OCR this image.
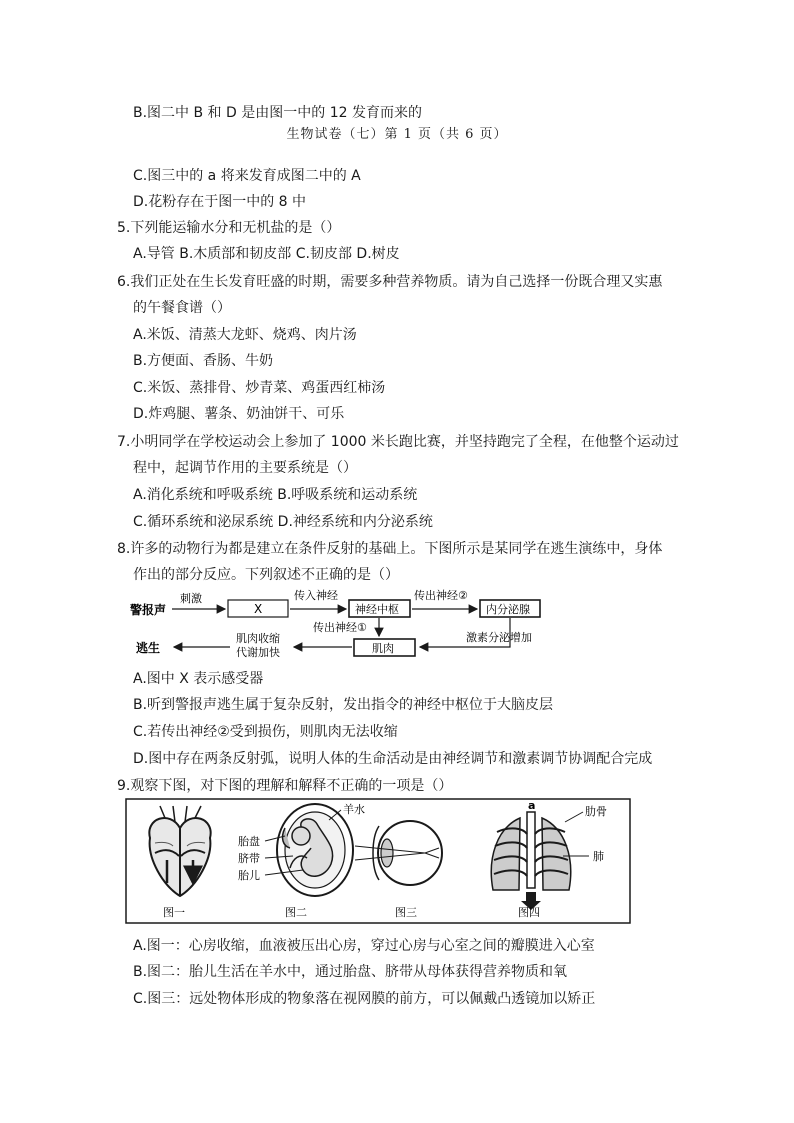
B.图二中 B 和 D 是由图一中的 12 发育而来的
生物试卷（七）第 1 页（共 6 页）
C.图三中的 a 将来发育成图二中的 A
D.花粉存在于图一中的 8 中
5.下列能运输水分和无机盐的是（）
A.导管 B.木质部和韧皮部 C.韧皮部 D.树皮
6.我们正处在生长发育旺盛的时期，需要多种营养物质。请为自己选择一份既合理又实惠
的午餐食谱（）
A.米饭、清蒸大龙虾、烧鸡、肉片汤
B.方便面、香肠、牛奶
C.米饭、蒸排骨、炒青菜、鸡蛋西红柿汤
D.炸鸡腿、薯条、奶油饼干、可乐
7.小明同学在学校运动会上参加了 1000 米长跑比赛，并坚持跑完了全程，在他整个运动过
程中，起调节作用的主要系统是（）
A.消化系统和呼吸系统 B.呼吸系统和运动系统
C.循环系统和泌尿系统 D.神经系统和内分泌系统
8.许多的动物行为都是建立在条件反射的基础上。下图所示是某同学在逃生演练中，身体
作出的部分反应。下列叙述不正确的是（）
警报声
刺激
X
传入神经
神经中枢
传出神经②
内分泌腺
传出神经①
激素分泌增加
肌肉
肌肉收缩
代谢加快
逃生
A.图中 X 表示感受器
B.听到警报声逃生属于复杂反射，发出指令的神经中枢位于大脑皮层
C.若传出神经②受到损伤，则肌肉无法收缩
D.图中存在两条反射弧，说明人体的生命活动是由神经调节和激素调节协调配合完成
9.观察下图，对下图的理解和解释不正确的一项是（）
图一
羊水
胎盘
脐带
胎儿
图二	图三
a	肋骨
肺
图四
A.图一：心房收缩，血液被压出心房，穿过心房与心室之间的瓣膜进入心室
B.图二：胎儿生活在羊水中，通过胎盘、脐带从母体获得营养物质和氧
C.图三：远处物体形成的物象落在视网膜的前方，可以佩戴凸透镜加以矫正
